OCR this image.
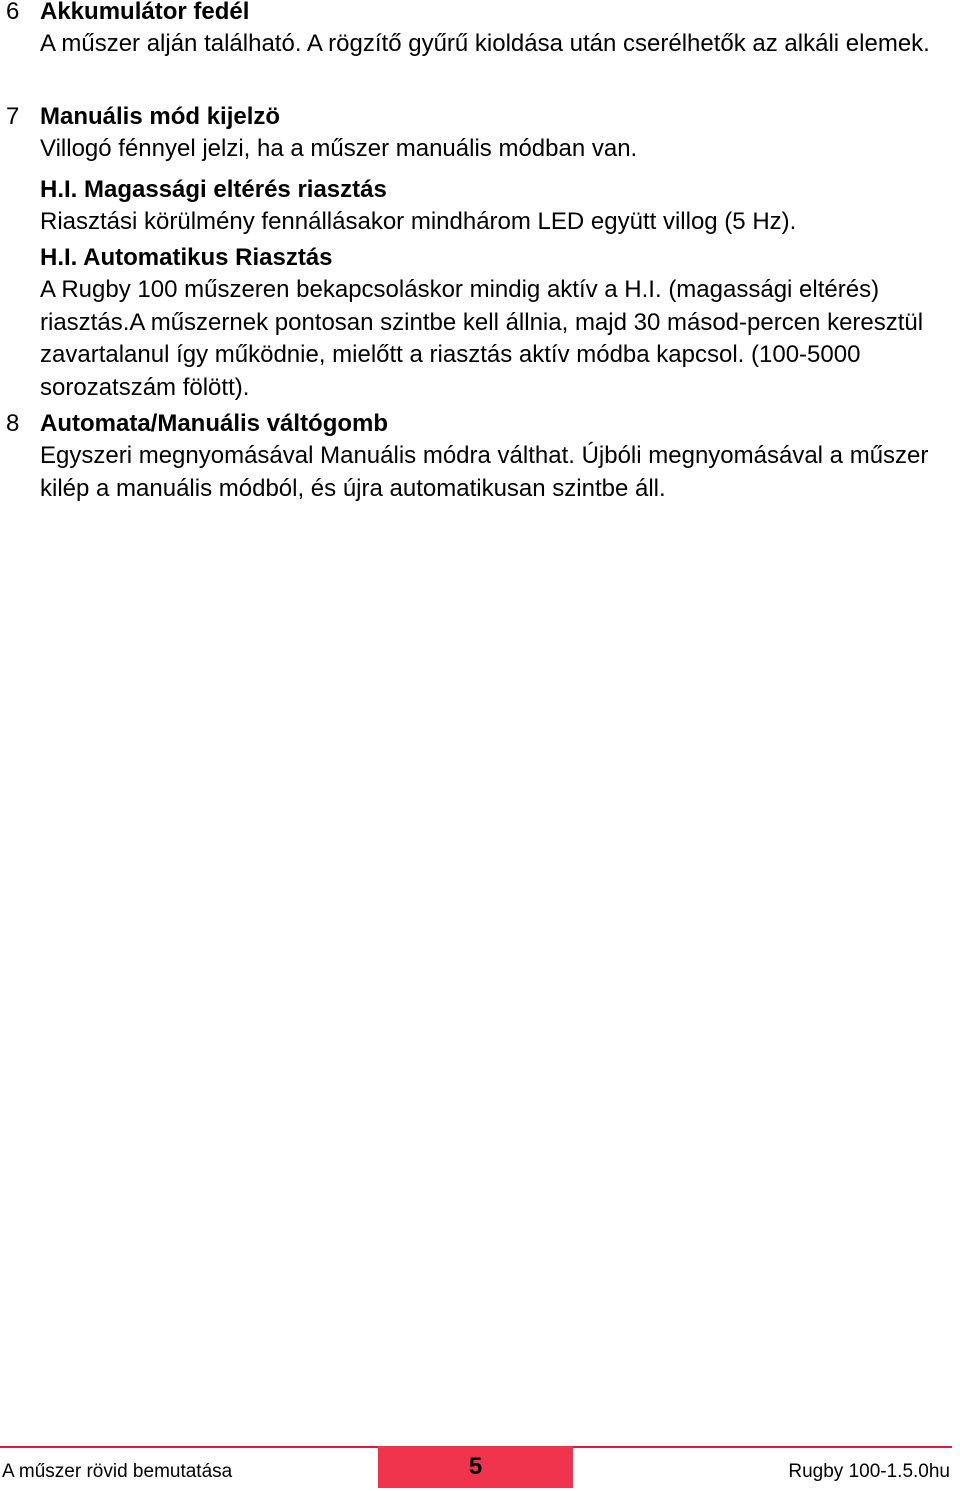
6 Akkumulátor fedél
A műszer alján található. A rögzítő gyűrű kioldása után cserélhetők az alkáli elemek.
7 Manuális mód kijelzö
Villogó fénnyel jelzi, ha a műszer manuális módban van.
H.I. Magassági eltérés riasztás
Riasztási körülmény fennállásakor mindhárom LED együtt villog (5 Hz).
H.I. Automatikus Riasztás
A Rugby 100 műszeren bekapcsoláskor mindig aktív a H.I. (magassági eltérés) riasztás.A műszernek pontosan szintbe kell állnia, majd 30 másod-percen keresztül zavartalanul így működnie, mielőtt a riasztás aktív módba kapcsol. (100-5000 sorozatszám fölött).
8 Automata/Manuális váltógomb
Egyszeri megnyomásával Manuális módra válthat. Újbóli megnyomásával a műszer kilép a manuális módból, és újra automatikusan szintbe áll.
A műszer rövid bemutatása	5	Rugby 100-1.5.0hu
